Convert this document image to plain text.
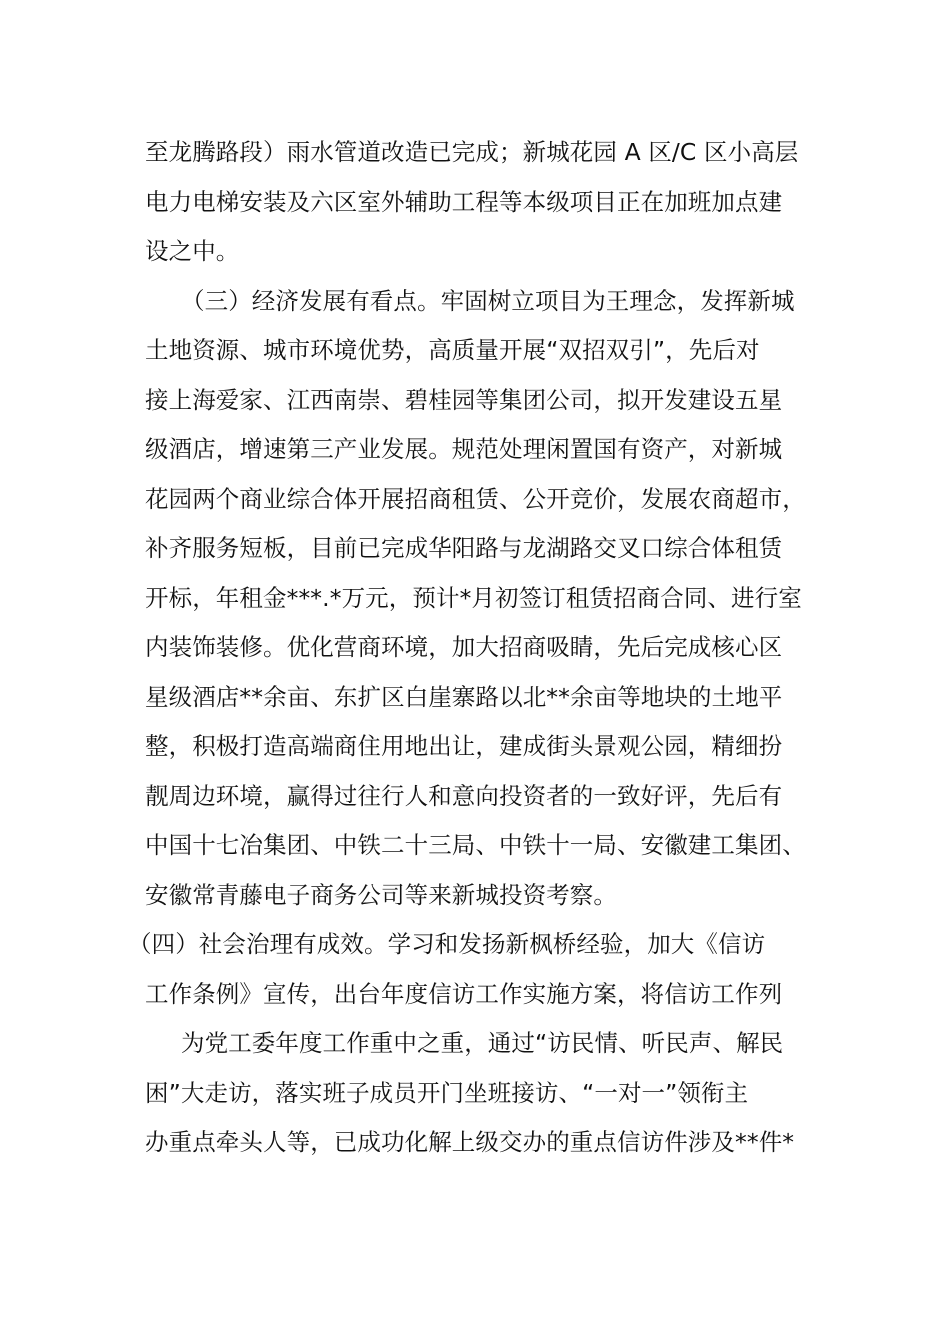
至龙腾路段）雨水管道改造已完成；新城花园 A 区/C 区小高层
电力电梯安装及六区室外辅助工程等本级项目正在加班加点建
设之中。
（三）经济发展有看点。牢固树立项目为王理念，发挥新城
土地资源、城市环境优势，高质量开展“双招双引”，先后对
接上海爱家、江西南崇、碧桂园等集团公司，拟开发建设五星
级酒店，增速第三产业发展。规范处理闲置国有资产，对新城
花园两个商业综合体开展招商租赁、公开竞价，发展农商超市，
补齐服务短板，目前已完成华阳路与龙湖路交叉口综合体租赁
开标，年租金***.*万元，预计*月初签订租赁招商合同、进行室
内装饰装修。优化营商环境，加大招商吸睛，先后完成核心区
星级酒店**余亩、东扩区白崖寨路以北**余亩等地块的土地平
整，积极打造高端商住用地出让，建成街头景观公园，精细扮
靓周边环境，赢得过往行人和意向投资者的一致好评，先后有
中国十七冶集团、中铁二十三局、中铁十一局、安徽建工集团、
安徽常青藤电子商务公司等来新城投资考察。
（四）社会治理有成效。学习和发扬新枫桥经验，加大《信访
工作条例》宣传，出台年度信访工作实施方案，将信访工作列
为党工委年度工作重中之重，通过“访民情、听民声、解民
困”大走访，落实班子成员开门坐班接访、“一对一”领衔主
办重点牵头人等，已成功化解上级交办的重点信访件涉及**件*
